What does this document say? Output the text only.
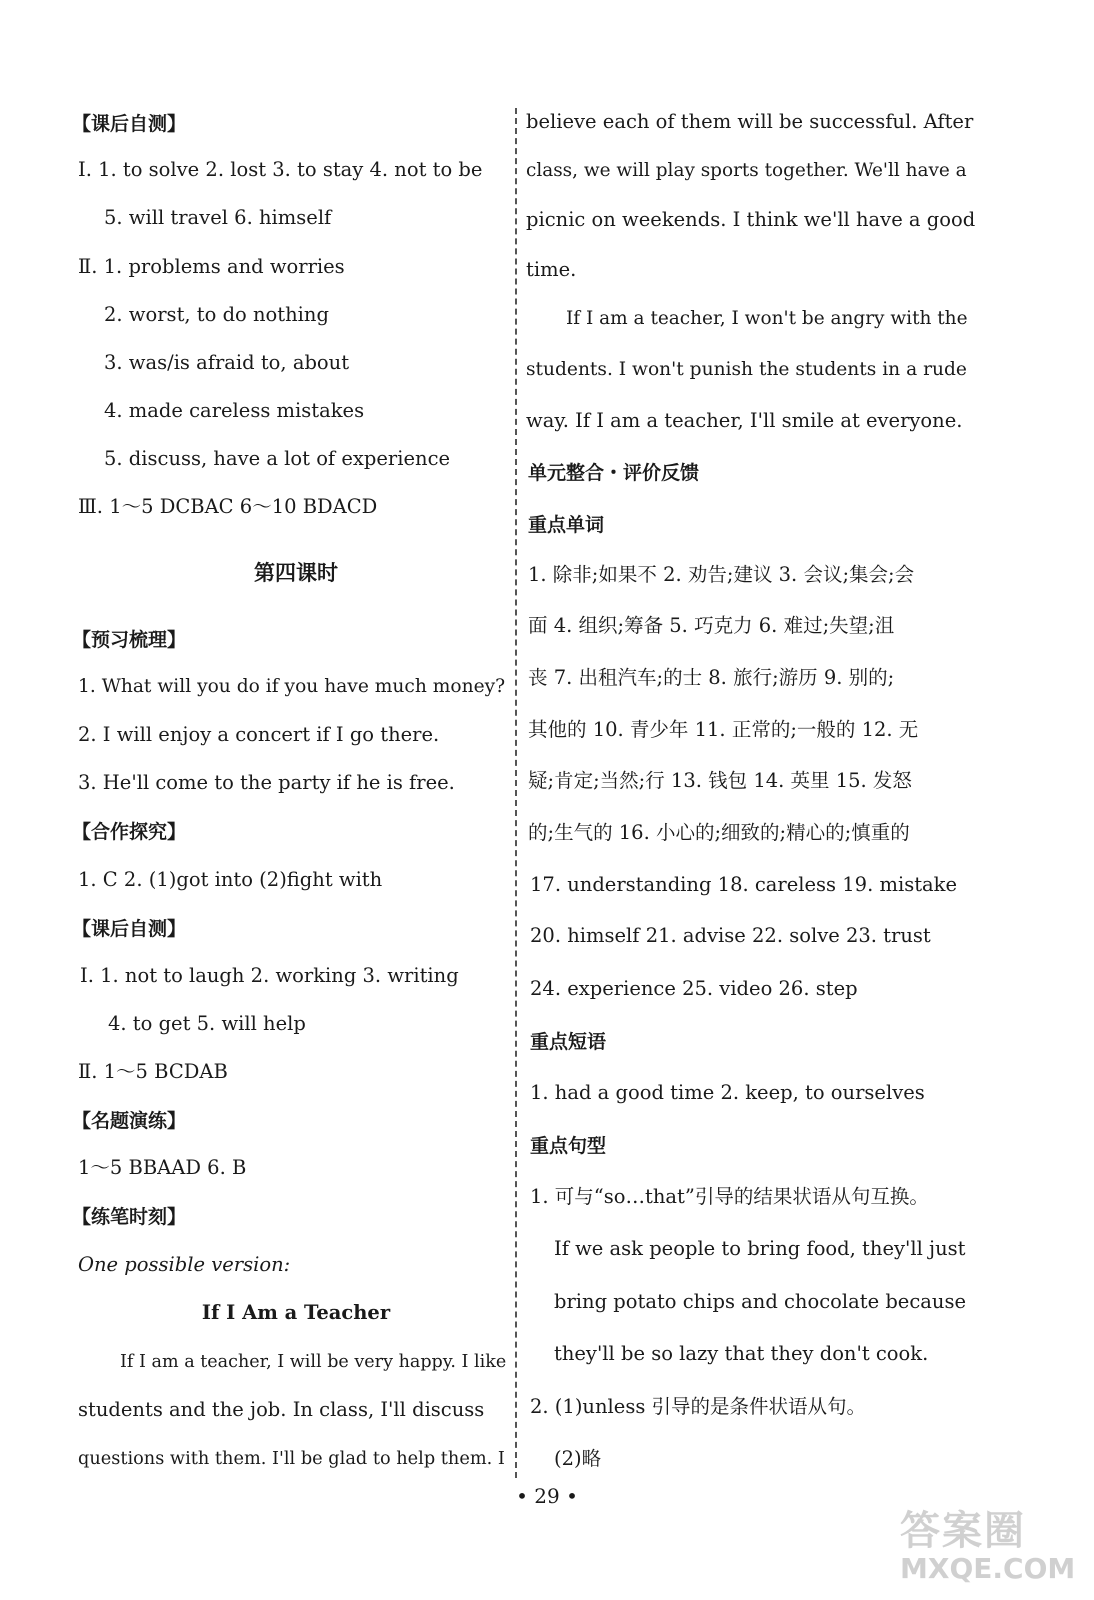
【课后自测】
Ⅰ. 1. to solve 2. lost 3. to stay 4. not to be
5. will travel 6. himself
Ⅱ. 1. problems and worries
2. worst, to do nothing
3. was/is afraid to, about
4. made careless mistakes
5. discuss, have a lot of experience
Ⅲ. 1～5 DCBAC 6～10 BDACD
第四课时
【预习梳理】
1. What will you do if you have much money?
2. I will enjoy a concert if I go there.
3. He'll come to the party if he is free.
【合作探究】
1. C 2. (1)got into (2)fight with
【课后自测】
Ⅰ. 1. not to laugh 2. working 3. writing
4. to get 5. will help
Ⅱ. 1～5 BCDAB
【名题演练】
1～5 BBAAD 6. B
【练笔时刻】
One possible version:
If I Am a Teacher
If I am a teacher, I will be very happy. I like
students and the job. In class, I'll discuss
questions with them. I'll be glad to help them. I
believe each of them will be successful. After
class, we will play sports together. We'll have a
picnic on weekends. I think we'll have a good
time.
If I am a teacher, I won't be angry with the
students. I won't punish the students in a rude
way. If I am a teacher, I'll smile at everyone.
单元整合・评价反馈
重点单词
1. 除非;如果不 2. 劝告;建议 3. 会议;集会;会
面 4. 组织;筹备 5. 巧克力 6. 难过;失望;沮
丧 7. 出租汽车;的士 8. 旅行;游历 9. 别的;
其他的 10. 青少年 11. 正常的;一般的 12. 无
疑;肯定;当然;行 13. 钱包 14. 英里 15. 发怒
的;生气的 16. 小心的;细致的;精心的;慎重的
17. understanding 18. careless 19. mistake
20. himself 21. advise 22. solve 23. trust
24. experience 25. video 26. step
重点短语
1. had a good time 2. keep, to ourselves
重点句型
1. 可与“so…that”引导的结果状语从句互换。
If we ask people to bring food, they'll just
bring potato chips and chocolate because
they'll be so lazy that they don't cook.
2. (1)unless 引导的是条件状语从句。
(2)略
• 29 •
答案圈
MXQE.COM
